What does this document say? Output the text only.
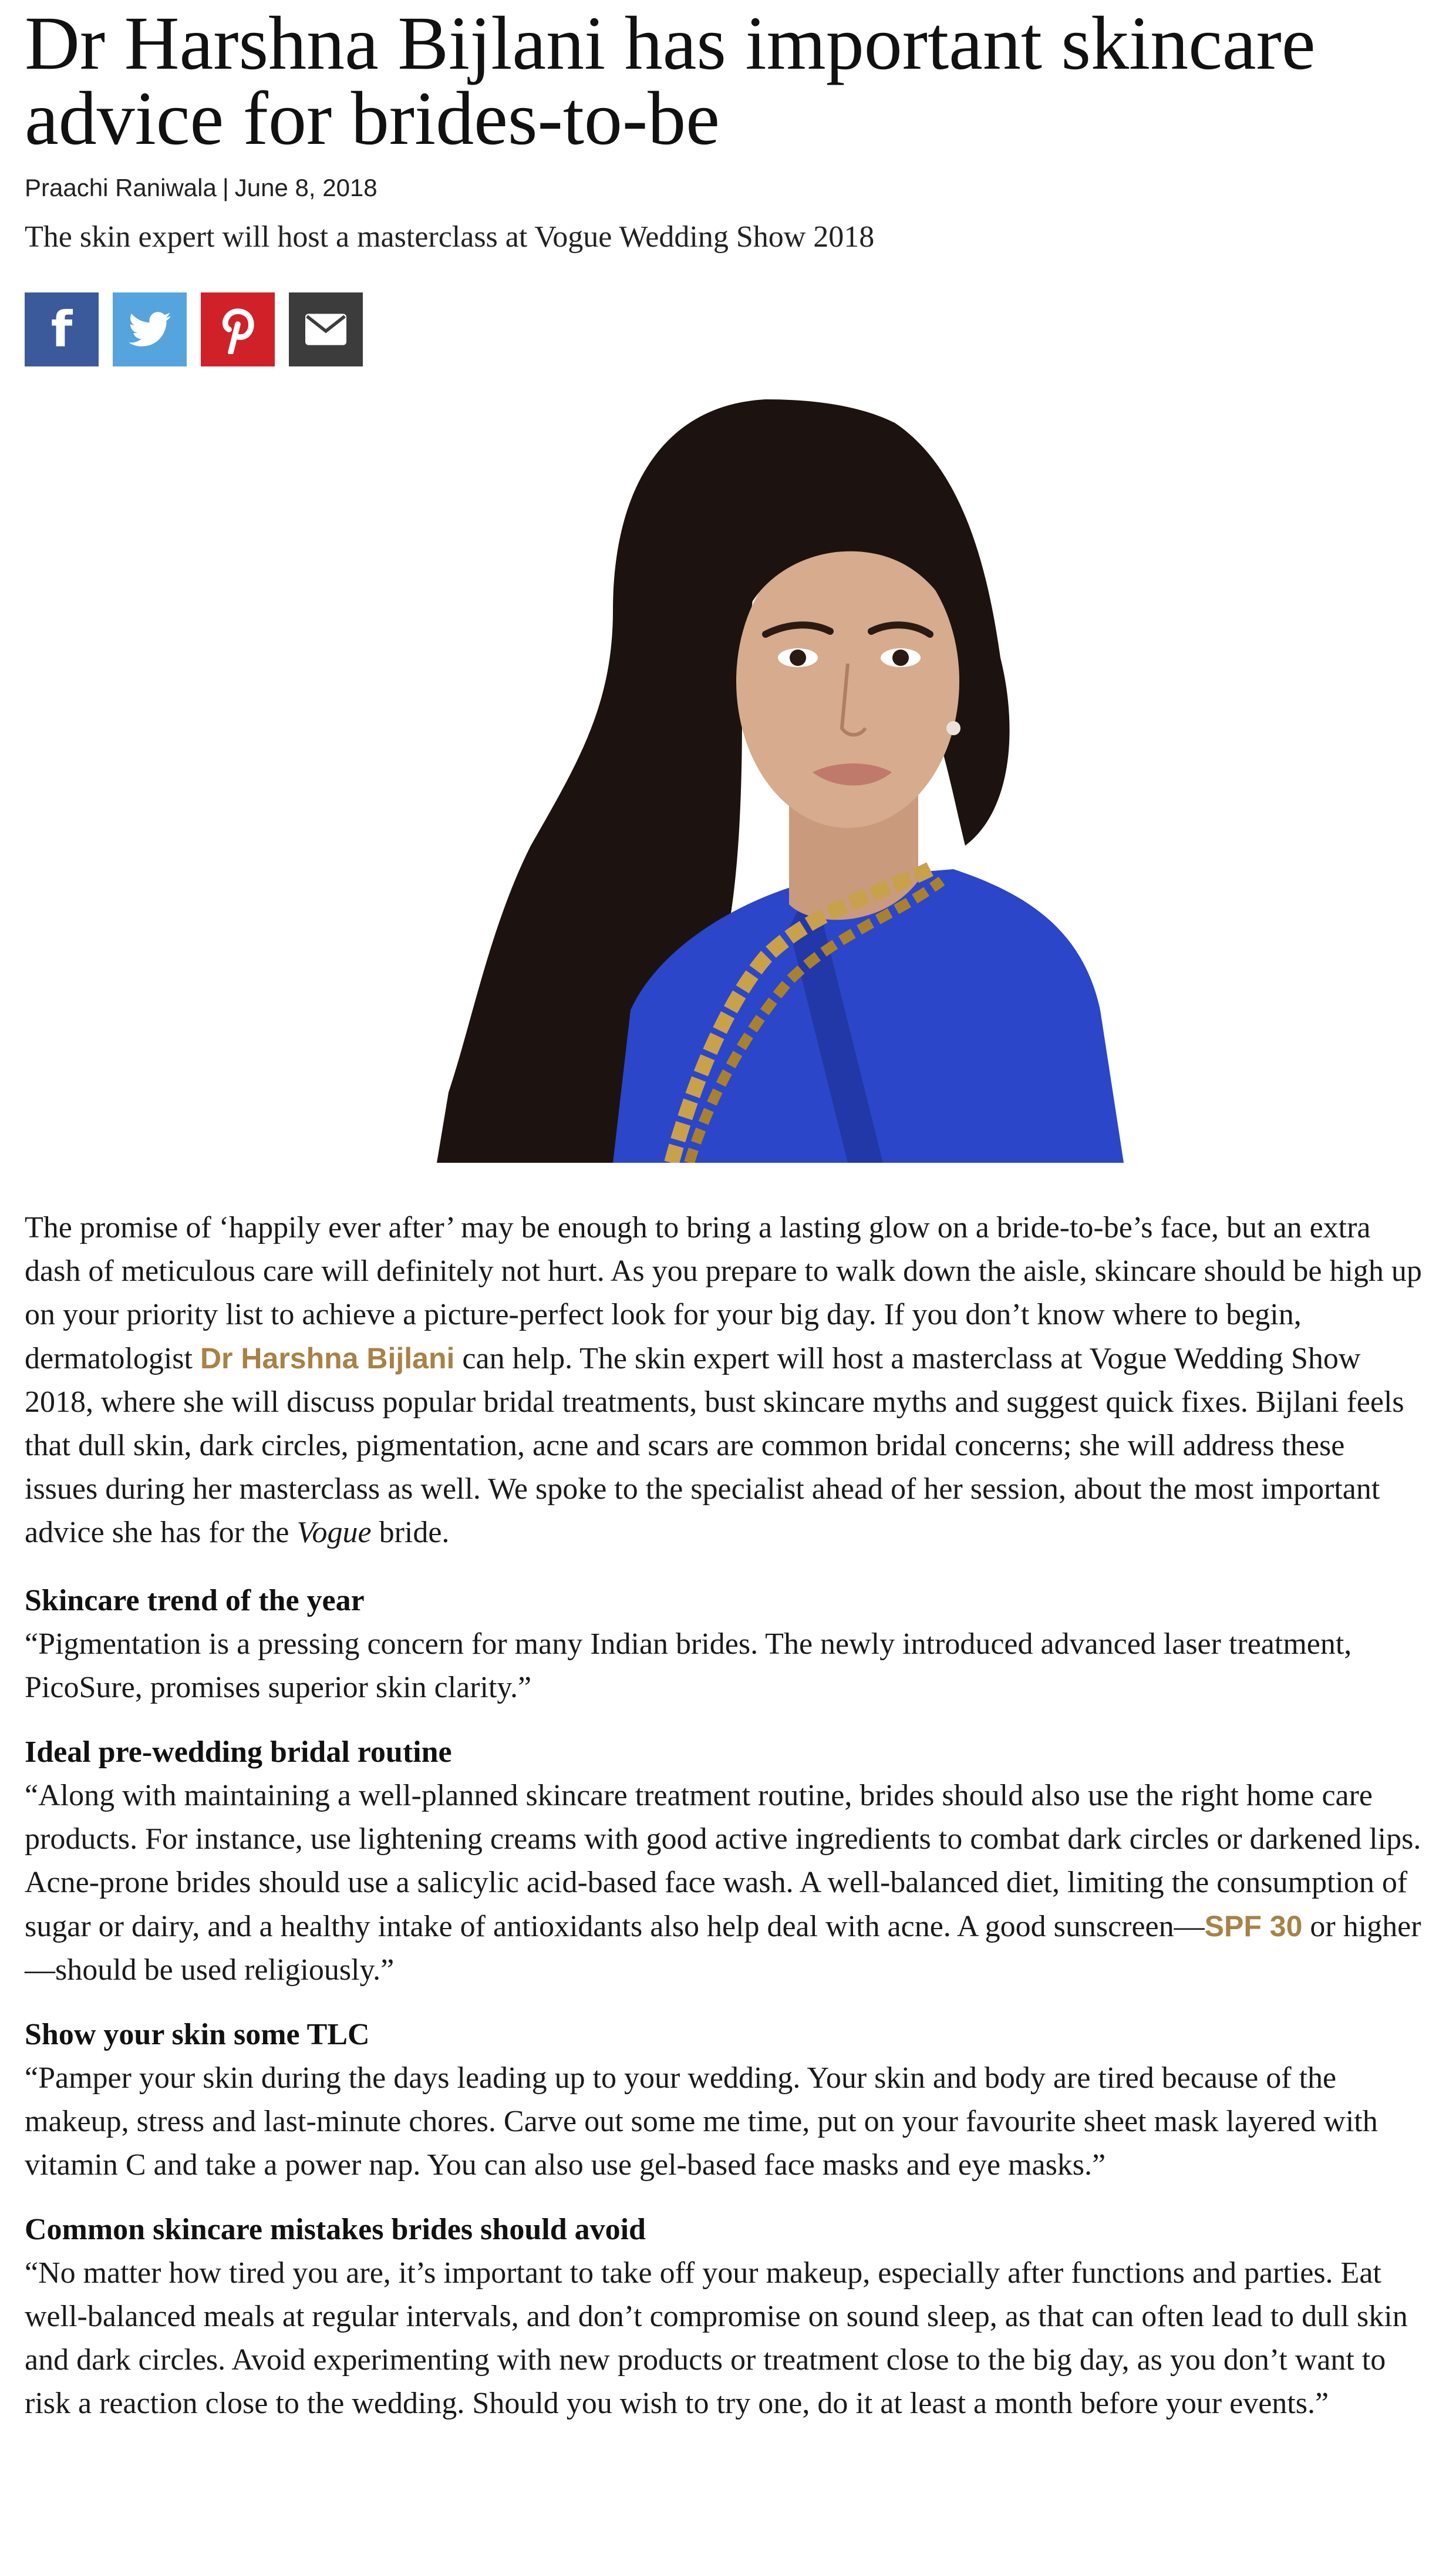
Dr Harshna Bijlani has important skincare advice for brides-to-be
Praachi Raniwala | June 8, 2018
The skin expert will host a masterclass at Vogue Wedding Show 2018
f

The promise of ‘happily ever after’ may be enough to bring a lasting glow on a bride-to-be’s face, but an extra dash of meticulous care will definitely not hurt. As you prepare to walk down the aisle, skincare should be high up on your priority list to achieve a picture-perfect look for your big day. If you don’t know where to begin, dermatologist Dr Harshna Bijlani can help. The skin expert will host a masterclass at Vogue Wedding Show 2018, where she will discuss popular bridal treatments, bust skincare myths and suggest quick fixes. Bijlani feels that dull skin, dark circles, pigmentation, acne and scars are common bridal concerns; she will address these issues during her masterclass as well. We spoke to the specialist ahead of her session, about the most important advice she has for the Vogue bride.

Skincare trend of the year

“Pigmentation is a pressing concern for many Indian brides. The newly introduced advanced laser treatment, PicoSure, promises superior skin clarity.”

Ideal pre-wedding bridal routine

“Along with maintaining a well-planned skincare treatment routine, brides should also use the right home care products. For instance, use lightening creams with good active ingredients to combat dark circles or darkened lips. Acne-prone brides should use a salicylic acid-based face wash. A well-balanced diet, limiting the consumption of sugar or dairy, and a healthy intake of antioxidants also help deal with acne. A good sunscreen—SPF 30 or higher—should be used religiously.”

Show your skin some TLC

“Pamper your skin during the days leading up to your wedding. Your skin and body are tired because of the makeup, stress and last-minute chores. Carve out some me time, put on your favourite sheet mask layered with vitamin C and take a power nap. You can also use gel-based face masks and eye masks.”

Common skincare mistakes brides should avoid

“No matter how tired you are, it’s important to take off your makeup, especially after functions and parties. Eat well-balanced meals at regular intervals, and don’t compromise on sound sleep, as that can often lead to dull skin and dark circles. Avoid experimenting with new products or treatment close to the big day, as you don’t want to risk a reaction close to the wedding. Should you wish to try one, do it at least a month before your events.”
